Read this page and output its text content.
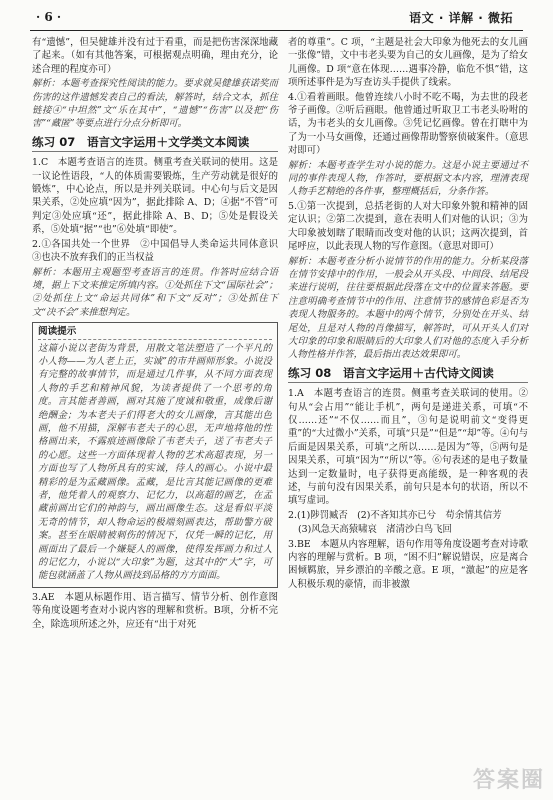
· 6 ·	语文 · 详解 · 微拓

有“遗憾”，但吴健雄并没有过于看重，而是把伤害深深地藏了起来。（如有其他答案，可根据观点明确，理由充分，论述合理的程度亦可）

解析：本题考查探究性阅读的能力。要求就吴健雄获诺奖而伤害的这件遗憾发表自己的看法，解答时，结合文本，抓住链接④“中坦然”文“乐在其中”，“遗憾”“伤害”以及把“伤害”“藏匿”等要点进行分点分析即可。

练习 07　语言文字运用＋文学类文本阅读

1.C　本题考查语言的连贯。侧重考查关联词的使用。这是一议论性语段，“人的体质需要锻炼，生产劳动就是很好的锻炼”，中心论点，所以是并列关联词。中心句与后文是因果关系，②处应填“因为”，据此排除 A、D；④据“不管”可判定③处应填“还”，据此排除 A、B、D；⑤处是假设关系，⑤处填“据”“也”⑥处填“即使”。

2.①各国共处一个世界　②中国倡导人类命运共同体意识　③也决不放弃我们的正当权益

解析：本题用主观题型考查语言的连贯。作答时应结合语境，据上下文来推定所填内容。①处抓住下文“国际社会”；②处抓住上文“命运共同体”和下文“反对”；③处抓住下文“决不会”来推想判定。

阅读提示

这篇小说以老街为背景，用散文笔法塑造了一个平凡的小人物——为人老上正，实诚”的市井画师形象。小说没有完整的故事情节，而是通过几件事，从不同方面表现人物的手艺和精神风貌，为读者提供了一个思考的角度。言其能者善画，画对其施了度诚和敬重，成像后谢绝酬金；为本老夫子们得老大的女儿画像，言其能出色画，他不用描，深解韦老夫子的心思，无声地将他的性格画出来，不露痕迹画像除了韦老夫子，送了韦老夫子的心愿。这些一方面体现着人物的艺术高超表现，另一方面也写了人物所具有的实诚，待人的画心。小说中最精彩的是为孟藏画像。孟藏，是比言其能记画像的更难者，他凭着人的观察力、记忆力，以高超的画艺，在孟藏前画出它们的神韵与，画出画像生态。这是看似平淡无奇的情节，却人物命运的极端刻画表达，帮助警方破案。甚至在眼睛被刺伤的情况下，仅凭一瞬的记忆，用画面出了最后一个嫌疑人的画像，使得发挥画力和过人的记忆力，小说以“大印象”为题，这其中的“大”字，可能包就涵盖了人物从画技到品格的方方面面。

3.AE　本题从标题作用、语言描写、情节分析、创作意图等角度设题考查对小说内容的理解和赏析。B项，分析不完全，除选项所述之外，应还有“出于对死

者的尊重”。C 项，“主题是社会大印象为他死去的女儿画一张像”错，文中韦老头要为自己的女儿画像，是为了给女儿画像。D 项“意在体现……遇事冷静，临危不惧”错，这项所述事件是为写查访头手提供了线索。

4.①看着画眼。他曾连续八小时不吃不喝，为去世的段老爷子画像。②听后画眼。他曾通过听取卫工韦老头吩咐的话，为韦老头的女儿画像。③凭记忆画像。曾在打瞎中为了为一小马女画像，还通过画像帮助警察侦破案件。（意思对即可）

解析：本题考查学生对小说的能力。这是小说主要通过不同的事件表现人物，作答时，要根据文本内容，理清表现人物手艺精绝的各件事，整理概括后，分条作答。

5.①第一次提到，总括老街的人对大印象外貌和精神的固定认识；②第二次提到，意在表明人们对他的认识；③为大印象被划瞎了眼睛而改变对他的认识；这两次提到，首尾呼应，以此表现人物的写作意图。（意思对即可）

解析：本题考查分析小说情节的作用的能力。分析某段落在情节安排中的作用，一般会从开头段、中间段、结尾段来进行说明，往往要根据此段落在文中的位置来答题。要注意明确考查情节中的作用、注意情节的感情色彩是否为表现人物服务的。本题中的两个情节，分别处在开头、结尾处，且是对人物的肖像描写，解答时，可从开头人们对大印象的印象和眼睛后的大印象人们对他的态度入手分析人物性格并作答，最后指出表达效果即可。

练习 08　语言文字运用＋古代诗文阅读

1.A　本题考查语言的连贯。侧重考查关联词的使用。②句从“会占用”“能让手机”，两句是递进关系，可填“不仅……还”“不仅……而且”，③句是说明前文“变得更重”的“大过微小”关系，可填“只是”“但是”“却”等。④句与后面是因果关系，可填“之所以……是因为”等，⑤两句是因果关系，可填“因为”“所以”等。⑥句表述的是电子数量达到一定数量时，电子获得更高能级，是一种客观的表述，与前句没有因果关系，前句只是本句的状语，所以不填写虚词。

2.(1)陟罚臧否　(2)不吝知其亦已兮　苟余情其信芳

(3)风急天高猿啸哀　渚清沙白鸟飞回

3.BE　本题从内容理解，语句作用等角度设题考查对诗歌内容的理解与赏析。B 项，“困不归”解说错误，应是离合困倾羁旅，异乡漂泊的辛酸之意。E 项，“激起”的应是客人积极乐观的豪情，而非被激

答案圈
